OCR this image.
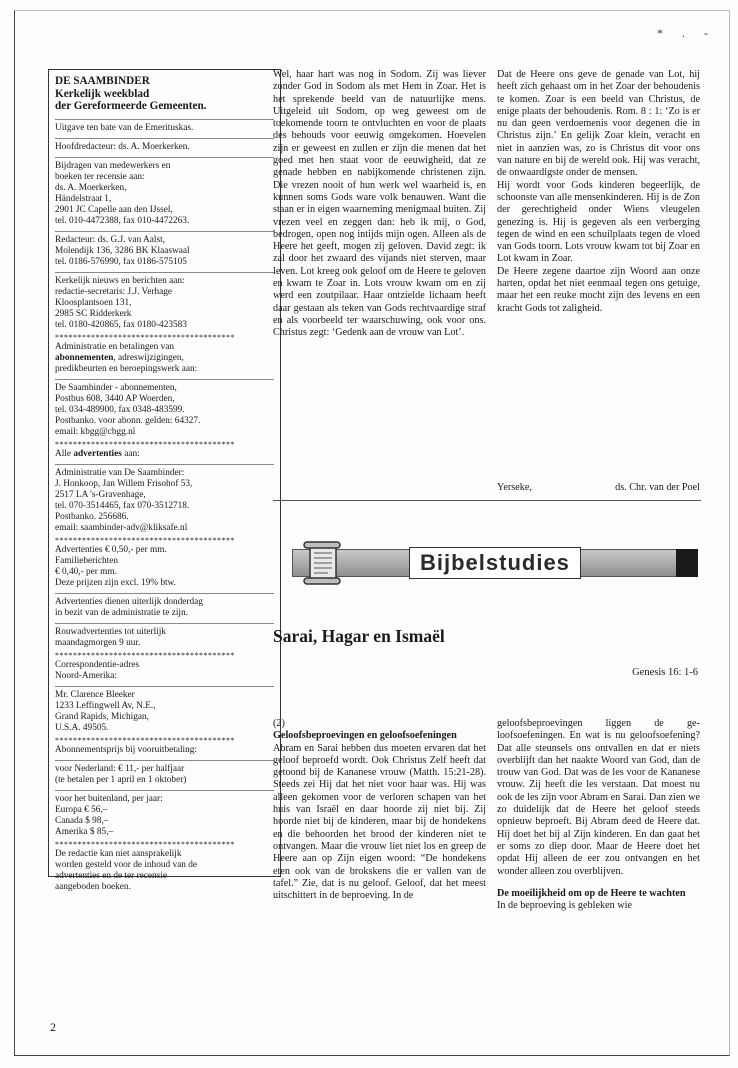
* . -
DE SAAMBINDER
Kerkelijk weekblad
der Gereformeerde Gemeenten.
Uitgave ten bate van de Emerituskas.
Hoofdredacteur: ds. A. Moerkerken.
Bijdragen van medewerkers en
boeken ter recensie aan:
ds. A. Moerkerken,
Händelstraat 1,
2901 JC Capelle aan den IJssel,
tel. 010-4472388, fax 010-4472263.
Redacteur: ds. G.J. van Aalst,
Molendijk 136, 3286 BK Klaaswaal
tel. 0186-576990, fax 0186-575105
Kerkelijk nieuws en berichten aan:
redactie-secretaris: J.J. Verhage
Kloosplantsoen 131,
2985 SC Ridderkerk
tel. 0180-420865, fax 0180-423583
****************************************
Administratie en betalingen van
abonnementen, adreswijzigingen,
predikbeurten en beroepingswerk aan:
De Saambinder - abonnementen,
Postbus 608, 3440 AP Woerden,
tel. 034-489900, fax 0348-483599.
Postbanko. voor abonn. gelden: 64327.
email: kbgg@cbgg.nl
****************************************
Alle advertenties aan:
Administratie van De Saambinder:
J. Honkoop, Jan Willem Frisohof 53,
2517 LA 's-Gravenhage,
tel. 070-3514465, fax 070-3512718.
Postbanko. 256686.
email: saambinder-adv@kliksafe.nl
****************************************
Advertenties € 0,50,- per mm.
Familieberichten
€ 0,40,- per mm.
Deze prijzen zijn excl. 19% btw.
Advertenties dienen uiterlijk donderdag
in bezit van de administratie te zijn.
Rouwadvertenties tot uiterlijk
maandagmorgen 9 uur.
****************************************
Correspondentie-adres
Noord-Amerika:
Mr. Clarence Bleeker
1233 Leffingwell Av, N.E.,
Grand Rapids, Michigan,
U.S.A. 49505.
****************************************
Abonnementsprijs bij vooruitbetaling:
voor Nederland: € 11,- per halfjaar
(te betalen per 1 april en 1 oktober)
voor het buitenland, per jaar:
Europa € 56,–
Canada $ 98,–
Amerika $ 85,–
****************************************
De redactie kan niet aansprakelijk
worden gesteld voor de inhoud van de
advertenties en de ter recensie
aangeboden boeken.

Wel, haar hart was nog in Sodom. Zij was liever zonder God in Sodom als met Hem in Zoar. Het is het sprekende beeld van de natuurlijke mens. Uitgeleid uit Sodom, op weg geweest om de toekomende toorn te ontvluchten en voor de plaats des behouds voor eeuwig omgekomen. Hoevelen zijn er geweest en zullen er zijn die menen dat het goed met hen staat voor de eeuwigheid, dat ze genade hebben en nabijkomende christenen zijn. Die vrezen nooit of hun werk wel waarheid is, en kunnen soms Gods ware volk benauwen. Want die staan er in eigen waarneming menigmaal buiten. Zij vrezen veel en zeggen dan: heb ik mij, o God, bedrogen, open nog intijds mijn ogen. Alleen als de Heere het geeft, mogen zij geloven. David zegt: ik zal door het zwaard des vijands niet sterven, maar leven. Lot kreeg ook geloof om de Heere te geloven en kwam te Zoar in. Lots vrouw kwam om en zij werd een zoutpilaar. Haar ontzielde lichaam heeft daar gestaan als teken van Gods rechtvaardige straf en als voorbeeld ter waarschuwing, ook voor ons. Christus zegt: ‘Gedenk aan de vrouw van Lot’.

Dat de Heere ons geve de genade van Lot, hij heeft zich gehaast om in het Zoar der behoudenis te komen. Zoar is een beeld van Christus, de enige plaats der behoudenis. Rom. 8 : 1: ‘Zo is er nu dan geen verdoemenis voor degenen die in Christus zijn.’ En gelijk Zoar klein, veracht en niet in aanzien was, zo is Christus dit voor ons van nature en bij de wereld ook. Hij was veracht, de onwaardigste onder de mensen.

Hij wordt voor Gods kinderen begeerlijk, de schoonste van alle mensenkinderen. Hij is de Zon der gerechtigheid onder Wiens vleugelen genezing is. Hij is gegeven als een verberging tegen de wind en een schuilplaats tegen de vloed van Gods toorn. Lots vrouw kwam tot bij Zoar en Lot kwam in Zoar.

De Heere zegene daartoe zijn Woord aan onze harten, opdat het niet eenmaal tegen ons getuige, maar het een reuke mocht zijn des levens en een kracht Gods tot zaligheid.

Yerseke,	ds. Chr. van der Poel
Bijbelstudies
Sarai, Hagar en Ismaël
Genesis 16: 1-6

(2)

Geloofsbeproevingen en geloofsoefeningen

Abram en Sarai hebben dus moeten ervaren dat het geloof beproefd wordt. Ook Christus Zelf heeft dat getoond bij de Kananese vrouw (Matth. 15:21-28). Steeds zei Hij dat het niet voor haar was. Hij was alleen gekomen voor de verloren schapen van het huis van Israël en daar hoorde zij niet bij. Zij hoorde niet bij de kinderen, maar bij de hondekens en die behoorden het brood der kinderen niet te ontvangen. Maar die vrouw liet niet los en greep de Heere aan op Zijn eigen woord: “De hondekens eten ook van de brokskens die er vallen van de tafel.” Zie, dat is nu geloof. Geloof, dat het meest uitschittert in de beproeving. In de

geloofsbeproevingen liggen de geloofsoefeningen. En wat is nu geloofsoefening? Dat alle steunsels ons ontvallen en dat er niets overblijft dan het naakte Woord van God, dan de trouw van God. Dat was de les voor de Kananese vrouw. Zij heeft die les verstaan. Dat moest nu ook de les zijn voor Abram en Sarai. Dan zien we zo duidelijk dat de Heere het geloof steeds opnieuw beproeft. Bij Abram deed de Heere dat. Hij doet het bij al Zijn kinderen. En dan gaat het er soms zo diep door. Maar de Heere doet het opdat Hij alleen de eer zou ontvangen en het wonder alleen zou overblijven.

De moeilijkheid om op de Heere te wachten

In de beproeving is gebleken wie

2
